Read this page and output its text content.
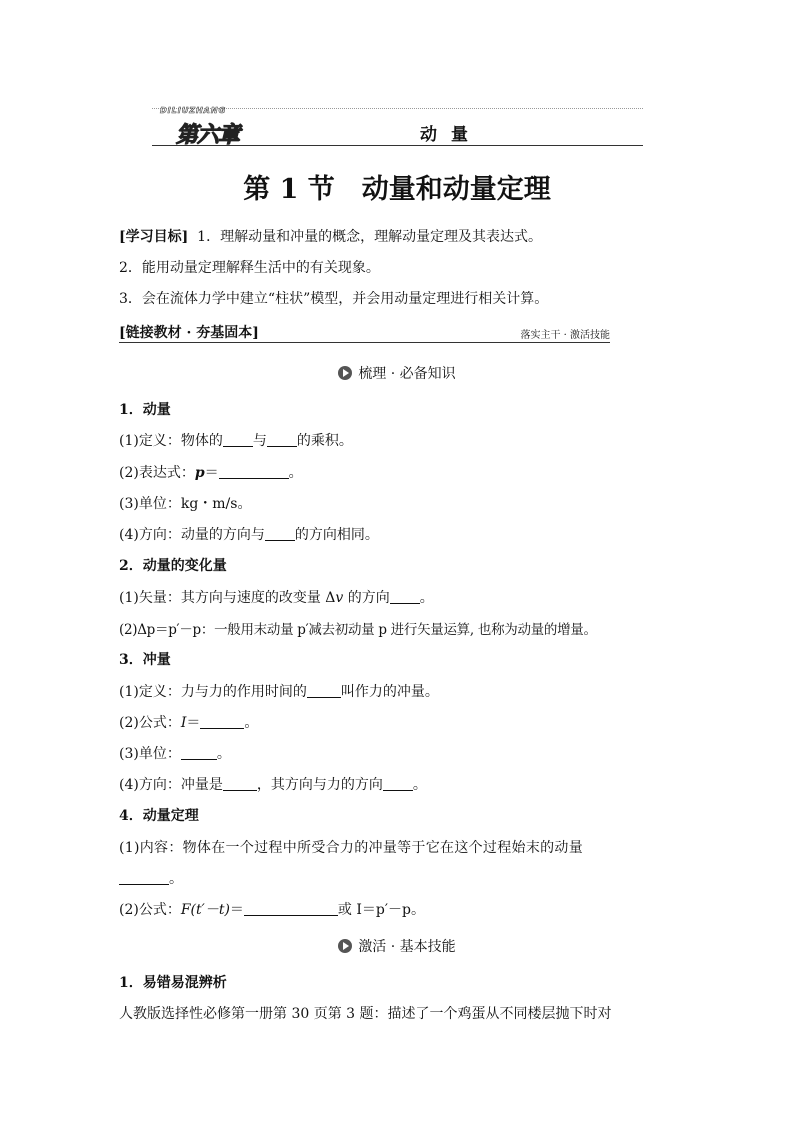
DILIUZHANG
第六章	动量
第 1 节　动量和动量定理
[学习目标] 1．理解动量和冲量的概念，理解动量定理及其表达式。
2．能用动量定理解释生活中的有关现象。
3．会在流体力学中建立“柱状”模型，并会用动量定理进行相关计算。
[链接教材 · 夯基固本]	落实主干 · 激活技能
梳理 · 必备知识
1．动量
(1)定义：物体的 与 的乘积。
(2)表达式：p＝	。
(3)单位：kg・m/s。
(4)方向：动量的方向与 的方向相同。
2．动量的变化量
(1)矢量：其方向与速度的改变量 Δv 的方向 。
(2)Δp＝p′－p：一般用末动量 p′减去初动量 p 进行矢量运算, 也称为动量的增量。
3．冲量
(1)定义：力与力的作用时间的 叫作力的冲量。
(2)公式：I＝	。
(3)单位：	。
(4)方向：冲量是 ，其方向与力的方向 。
4．动量定理
(1)内容：物体在一个过程中所受合力的冲量等于它在这个过程始末的动量
。
(2)公式：F(t′－t)＝	或 I＝p′－p。
激活 · 基本技能
1．易错易混辨析
人教版选择性必修第一册第 30 页第 3 题：描述了一个鸡蛋从不同楼层抛下时对
